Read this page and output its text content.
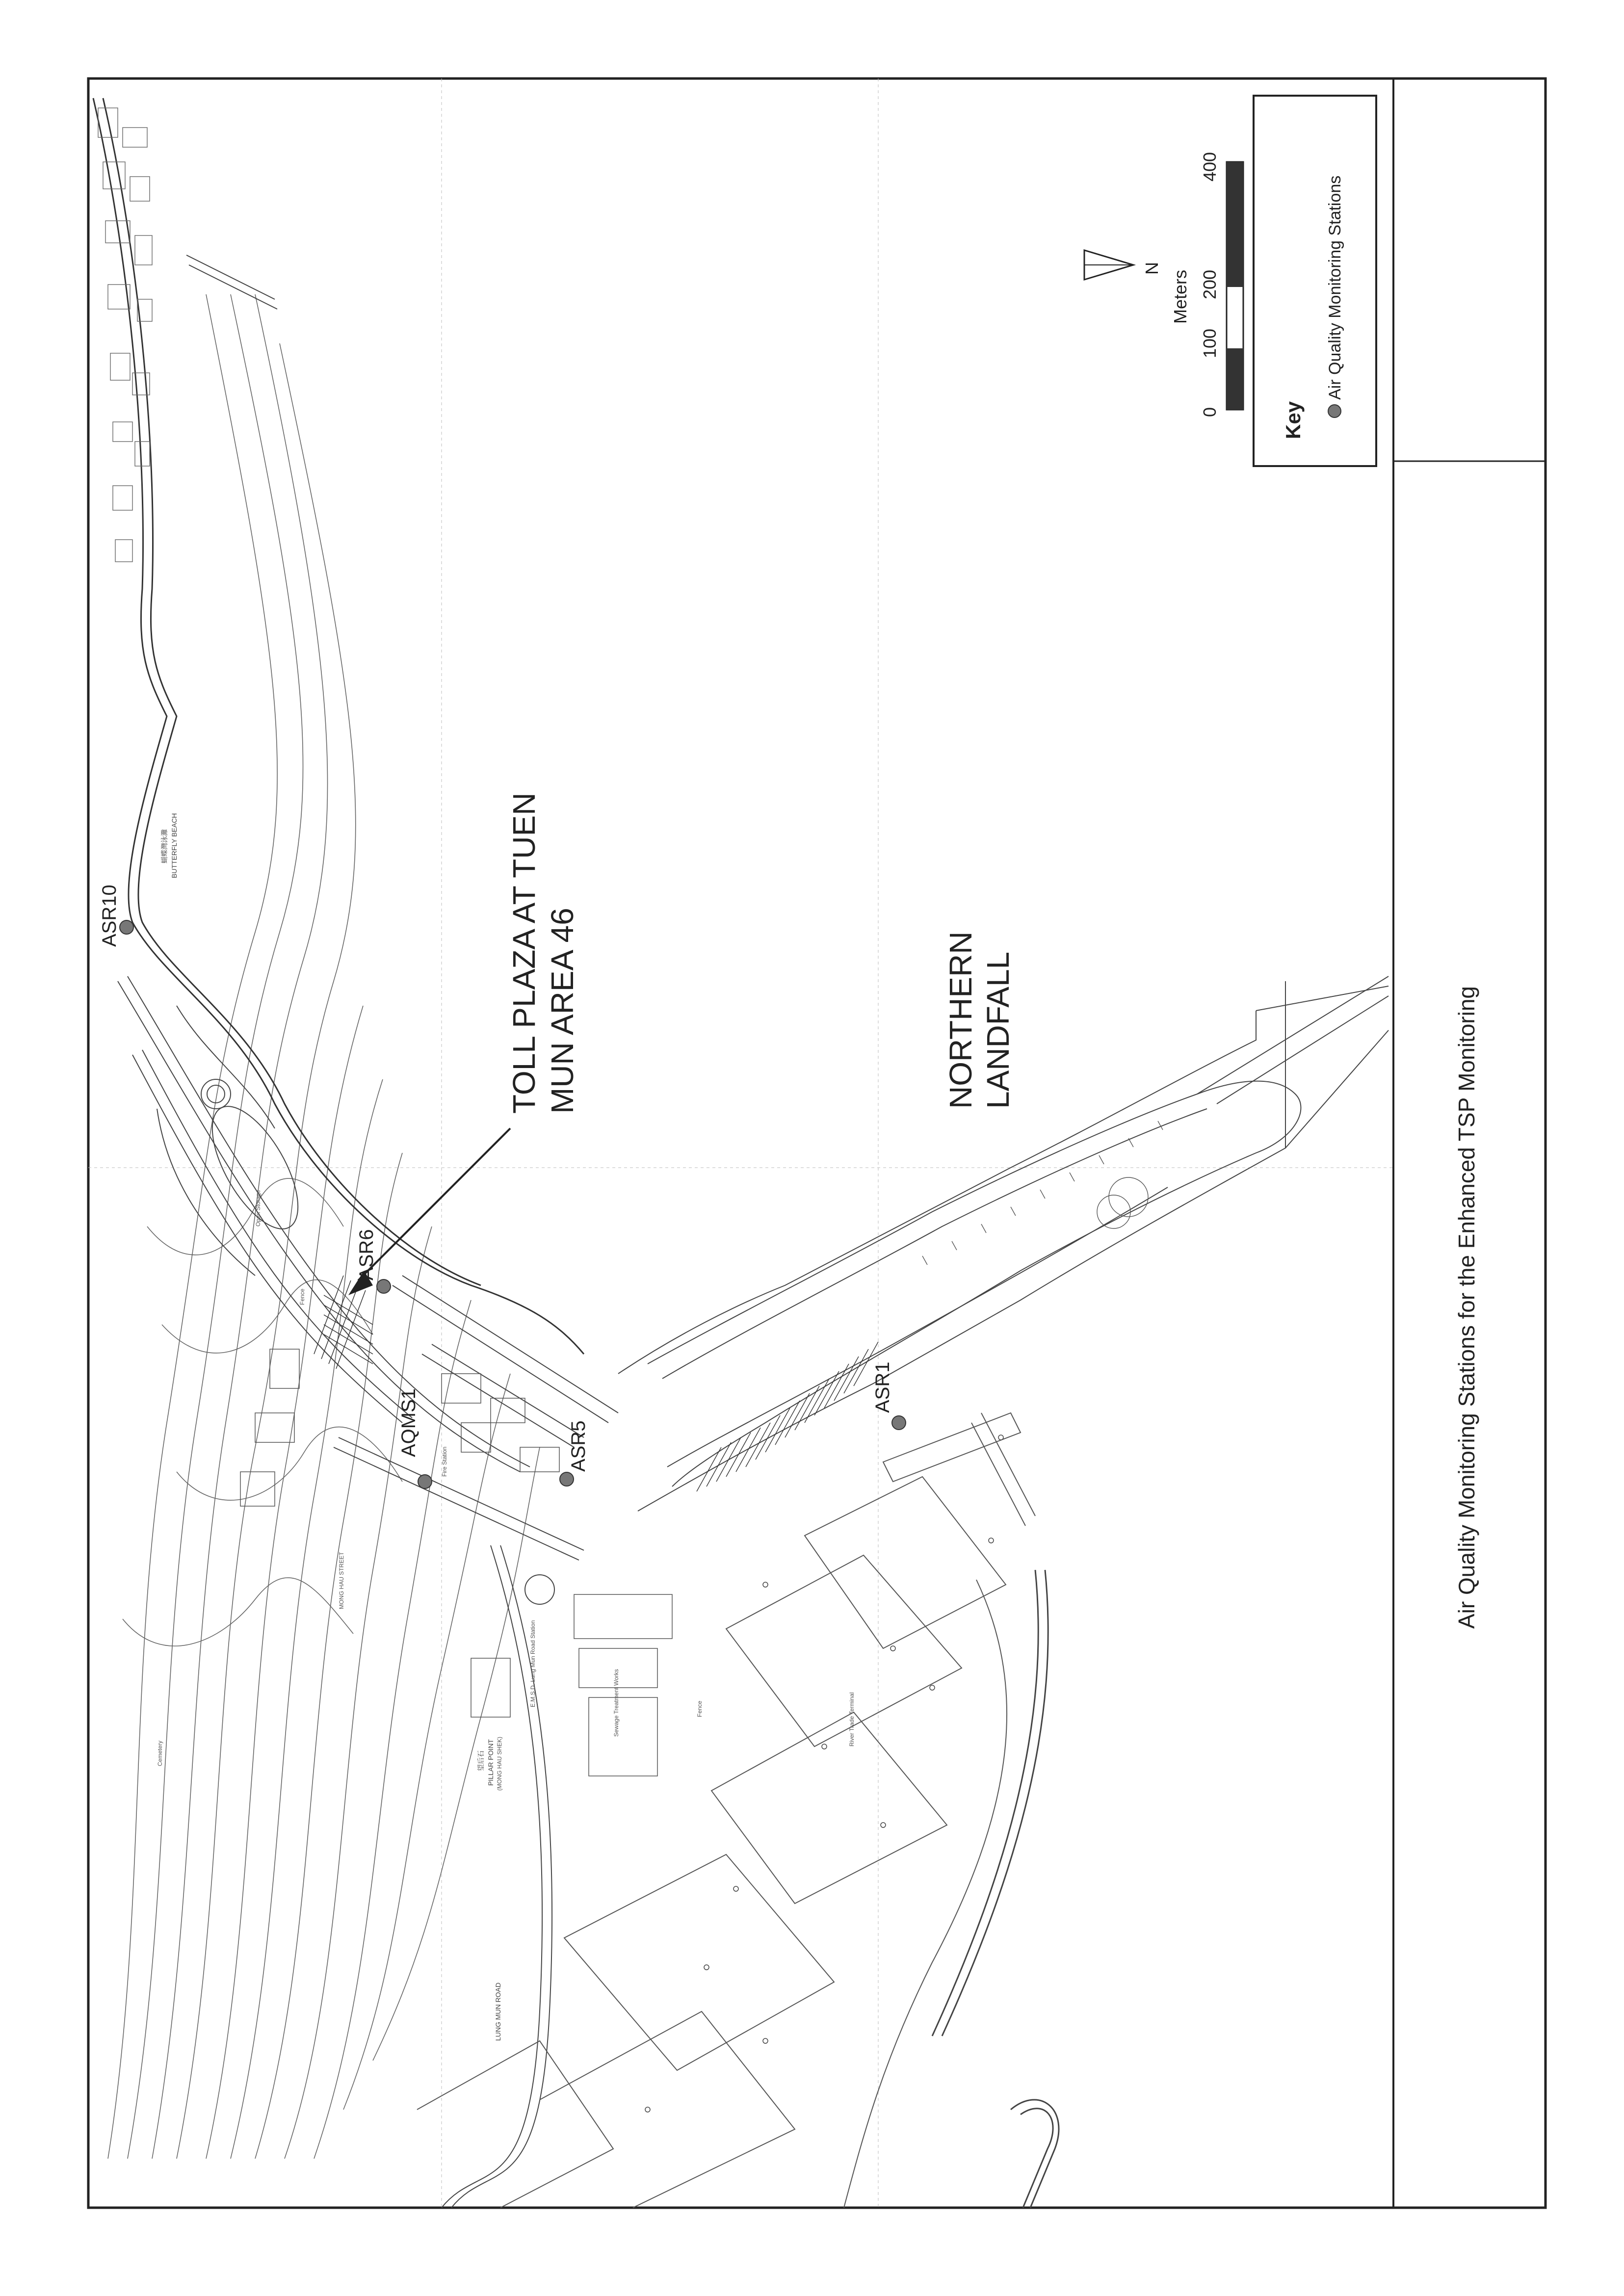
TOLL PLAZA AT TUEN MUN AREA 46	NORTHERN LANDFALL
ASR10
ASR6
AQMS1	ASR5
ASR1
蝴蝶灣泳灘 BUTTERFLY BEACH
望后石 PILLAR POINT (MONG HAU SHEK)
LUNG MUN ROAD
River Trade Terminal
Sewage Treatment Works
Fire Station
E.M.S.D. Lung Mun Road Station
MONG HAU STREET
Fence
Fence
Open Storage
Cemetery
Air Quality Monitoring Stations for the Enhanced TSP Monitoring
Key
Air Quality Monitoring Stations
0
100
200
400
Meters
N
